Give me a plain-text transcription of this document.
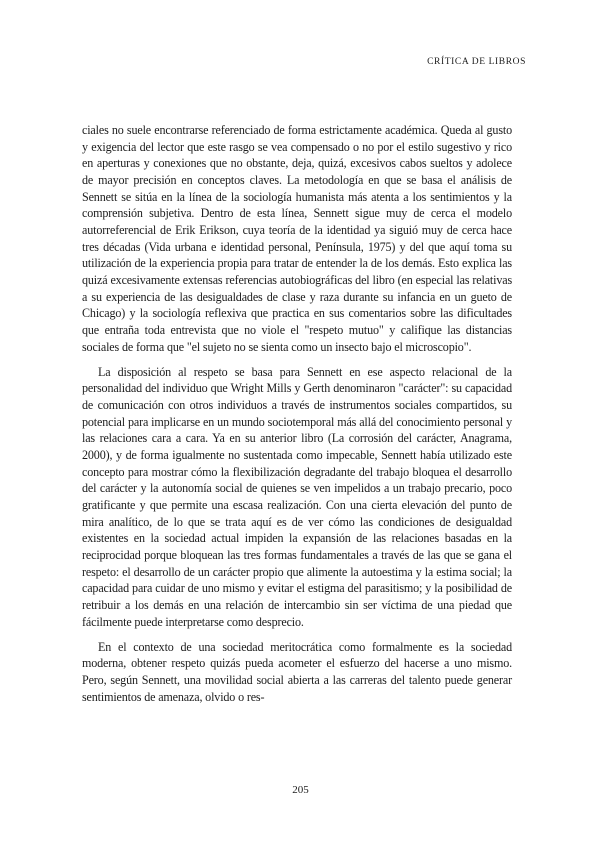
CRÍTICA DE LIBROS

ciales no suele encontrarse referenciado de forma estrictamente académica. Queda al gusto y exigencia del lector que este rasgo se vea compensado o no por el estilo sugestivo y rico en aperturas y conexiones que no obstante, deja, quizá, excesivos cabos sueltos y adolece de mayor precisión en conceptos claves. La metodología en que se basa el análisis de Sennett se sitúa en la línea de la sociología humanista más atenta a los sentimientos y la comprensión subjetiva. Dentro de esta línea, Sennett sigue muy de cerca el modelo autorreferencial de Erik Erikson, cuya teoría de la identidad ya siguió muy de cerca hace tres décadas (Vida urbana e identidad personal, Península, 1975) y del que aquí toma su utilización de la experiencia propia para tratar de entender la de los demás. Esto explica las quizá excesivamente extensas referencias autobiográficas del libro (en especial las relativas a su experiencia de las desigualdades de clase y raza durante su infancia en un gueto de Chicago) y la sociología reflexiva que practica en sus comentarios sobre las dificultades que entraña toda entrevista que no viole el "respeto mutuo" y califique las distancias sociales de forma que "el sujeto no se sienta como un insecto bajo el microscopio".

La disposición al respeto se basa para Sennett en ese aspecto relacional de la personalidad del individuo que Wright Mills y Gerth denominaron "carácter": su capacidad de comunicación con otros individuos a través de instrumentos sociales compartidos, su potencial para implicarse en un mundo sociotemporal más allá del conocimiento personal y las relaciones cara a cara. Ya en su anterior libro (La corrosión del carácter, Anagrama, 2000), y de forma igualmente no sustentada como impecable, Sennett había utilizado este concepto para mostrar cómo la flexibilización degradante del trabajo bloquea el desarrollo del carácter y la autonomía social de quienes se ven impelidos a un trabajo precario, poco gratificante y que permite una escasa realización. Con una cierta elevación del punto de mira analítico, de lo que se trata aquí es de ver cómo las condiciones de desigualdad existentes en la sociedad actual impiden la expansión de las relaciones basadas en la reciprocidad porque bloquean las tres formas fundamentales a través de las que se gana el respeto: el desarrollo de un carácter propio que alimente la autoestima y la estima social; la capacidad para cuidar de uno mismo y evitar el estigma del parasitismo; y la posibilidad de retribuir a los demás en una relación de intercambio sin ser víctima de una piedad que fácilmente puede interpretarse como desprecio.

En el contexto de una sociedad meritocrática como formalmente es la sociedad moderna, obtener respeto quizás pueda acometer el esfuerzo del hacerse a uno mismo. Pero, según Sennett, una movilidad social abierta a las carreras del talento puede generar sentimientos de amenaza, olvido o res-

205
